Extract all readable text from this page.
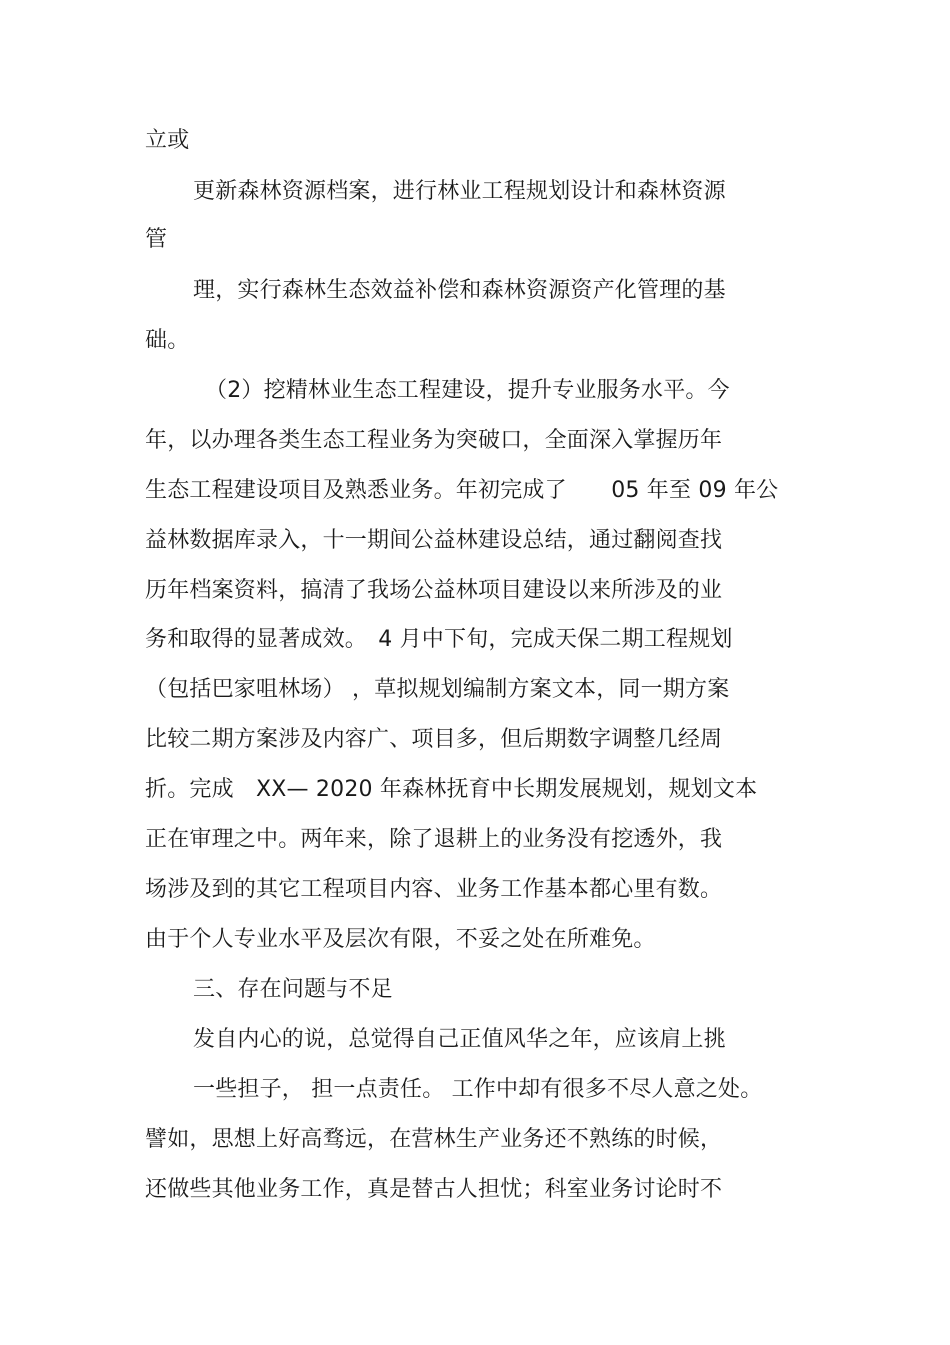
立或
更新森林资源档案，进行林业工程规划设计和森林资源
管
理，实行森林生态效益补偿和森林资源资产化管理的基
础。
（2）挖精林业生态工程建设，提升专业服务水平。今
年，以办理各类生态工程业务为突破口，全面深入掌握历年
生态工程建设项目及熟悉业务。年初完成了　　05 年至 09 年公
益林数据库录入，十一期间公益林建设总结，通过翻阅查找
历年档案资料，搞清了我场公益林项目建设以来所涉及的业
务和取得的显著成效。　4 月中下旬，完成天保二期工程规划
（包括巴家咀林场） ，草拟规划编制方案文本，同一期方案
比较二期方案涉及内容广、项目多，但后期数字调整几经周
折。完成　XX— 2020 年森林抚育中长期发展规划，规划文本
正在审理之中。两年来，除了退耕上的业务没有挖透外，我
场涉及到的其它工程项目内容、业务工作基本都心里有数。
由于个人专业水平及层次有限，不妥之处在所难免。
三、存在问题与不足
发自内心的说，总觉得自己正值风华之年，应该肩上挑
一些担子， 担一点责任。 工作中却有很多不尽人意之处。
譬如，思想上好高骛远，在营林生产业务还不熟练的时候，
还做些其他业务工作，真是替古人担忧；科室业务讨论时不
